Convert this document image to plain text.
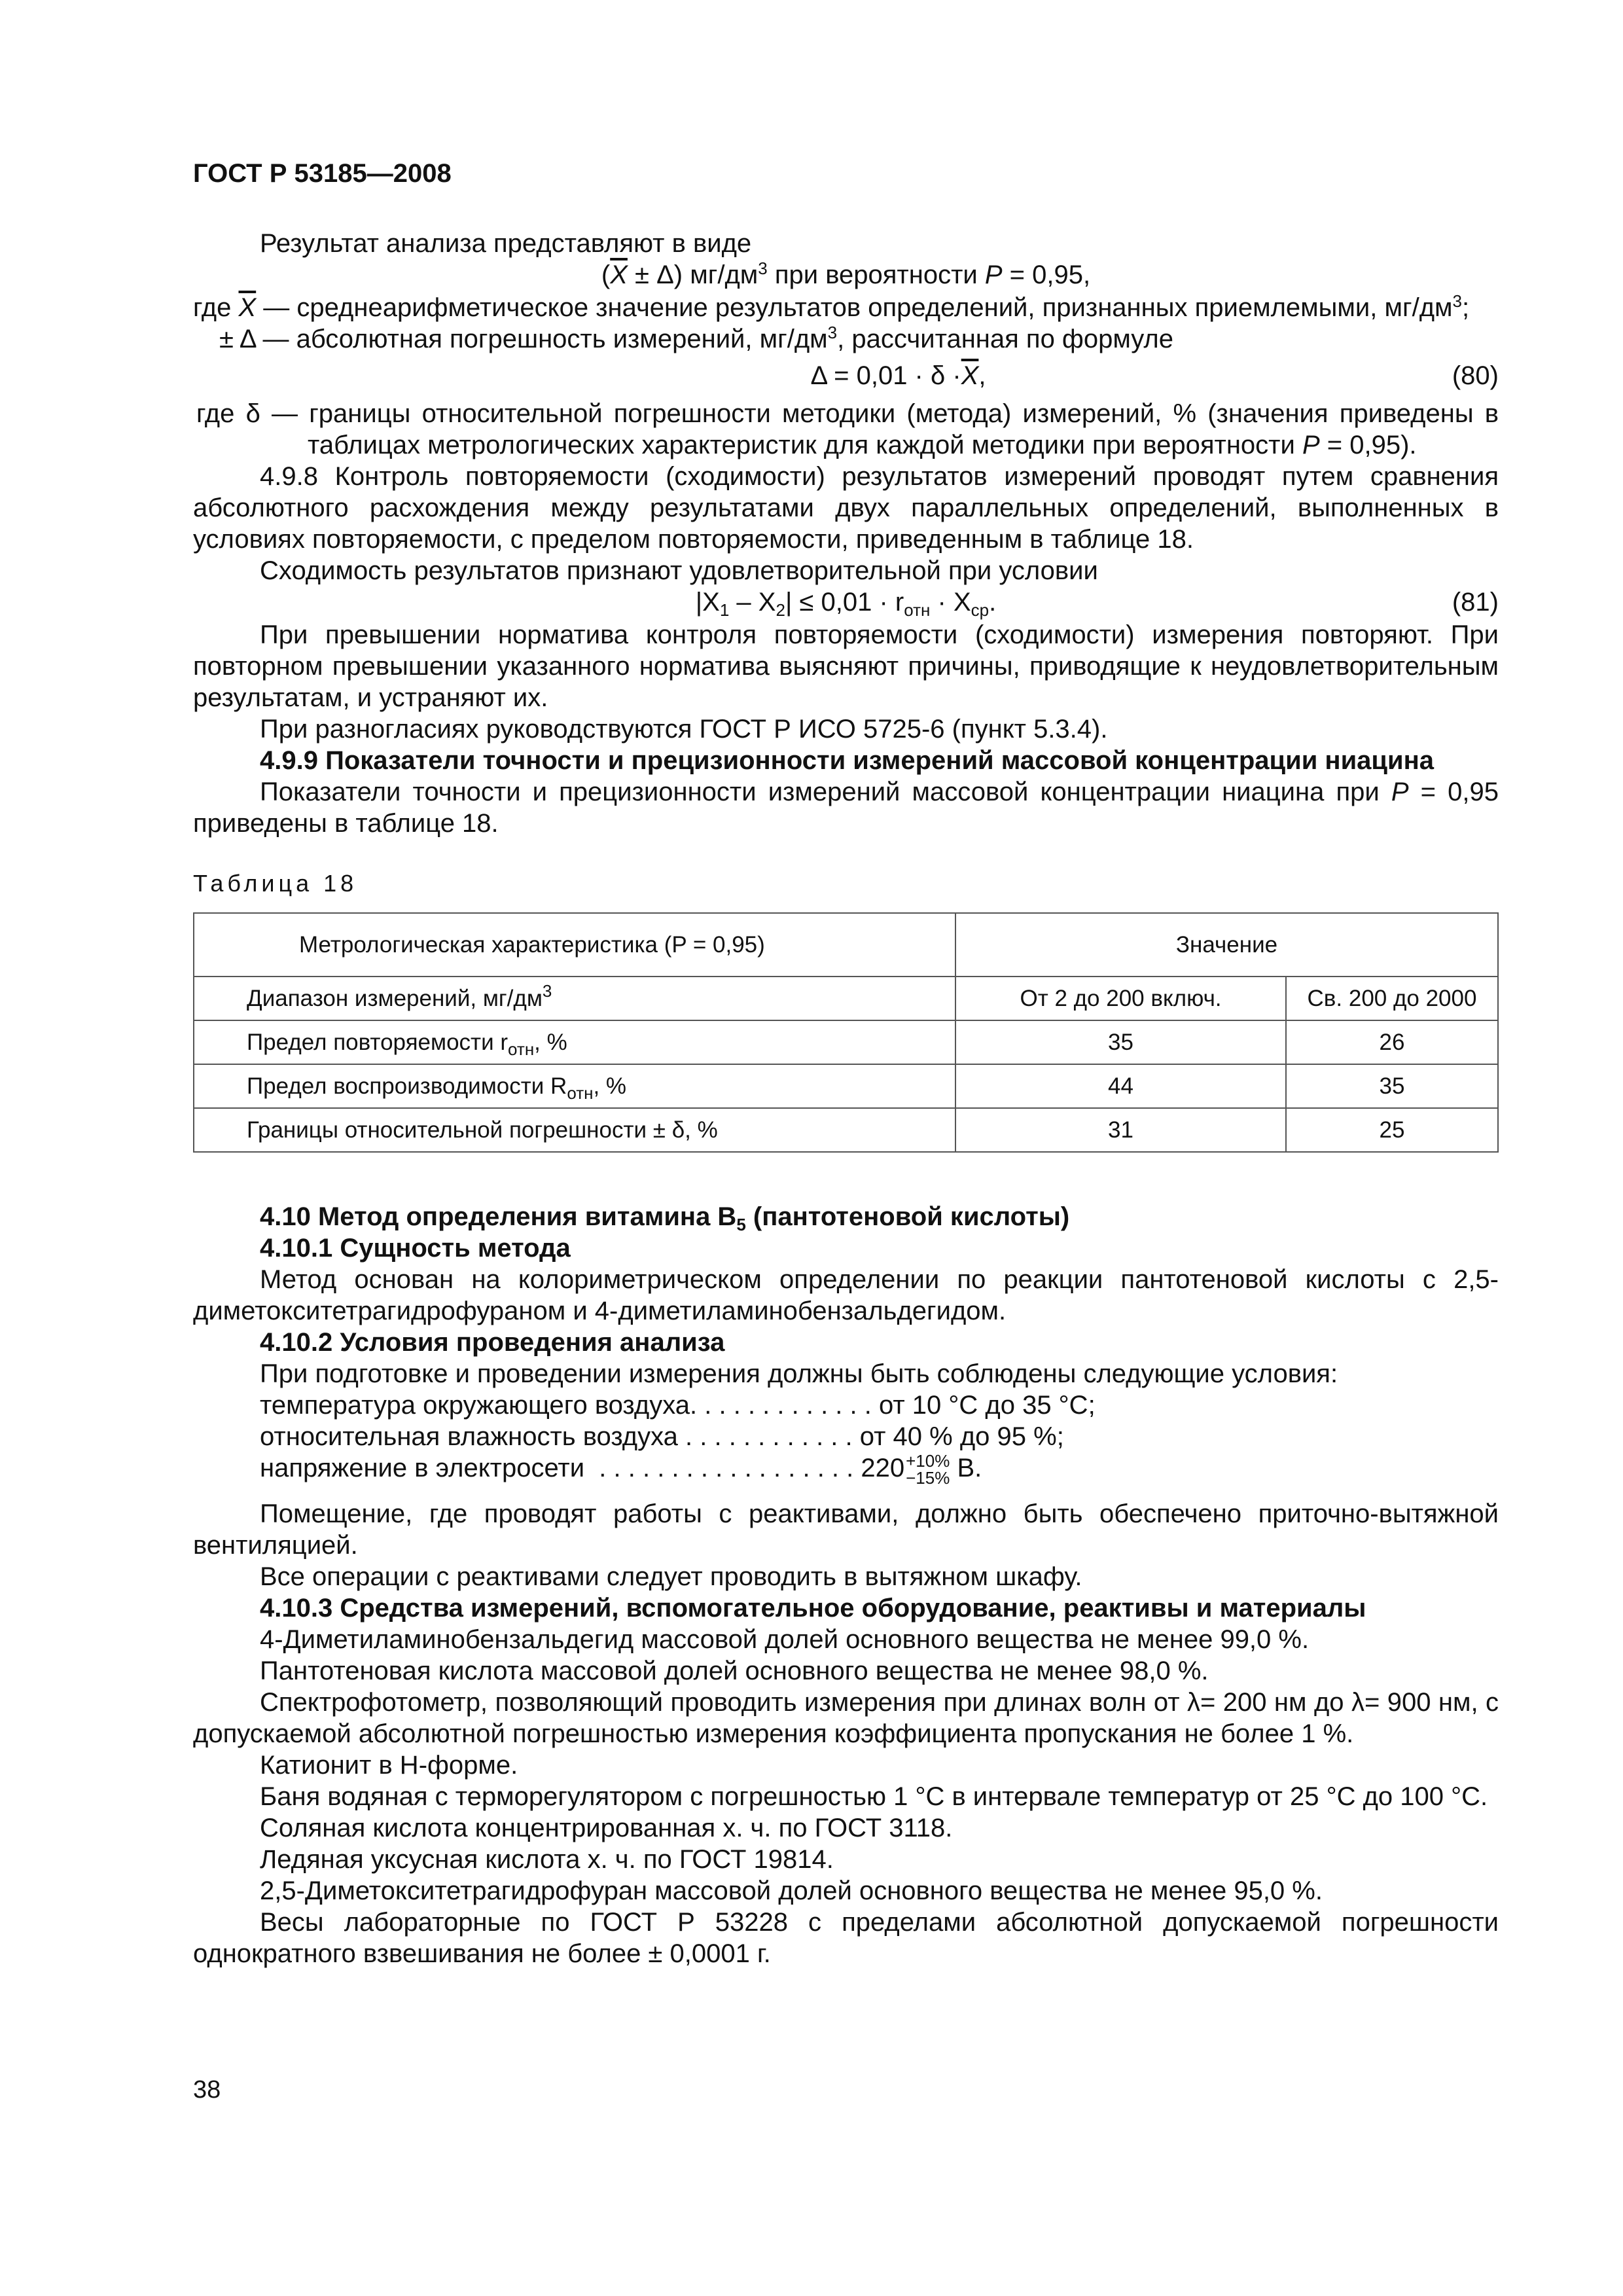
ГОСТ Р 53185—2008

Результат анализа представляют в виде

$(\overline{X} \pm \Delta)$ $мг/дм^3$ при вероятности P = 0,95,

где $\overline{X}$ — среднеарифметическое значение результатов определений, признанных приемлемыми, $мг/дм^3$;

± Δ — абсолютная погрешность измерений, $мг/дм^3$, рассчитанная по формуле

$\Delta = 0,01 \cdot \delta \cdot\overline{X}$,	(80)

где δ — границы относительной погрешности методики (метода) измерений, % (значения приведены в таблицах метрологических характеристик для каждой методики при вероятности P = 0,95).

4.9.8 Контроль повторяемости (сходимости) результатов измерений проводят путем сравнения абсолютного расхождения между результатами двух параллельных определений, выполненных в условиях повторяемости, с пределом повторяемости, приведенным в таблице 18.

Сходимость результатов признают удовлетворительной при условии

$|X_1 - X_2| \le 0,01 \cdot r_{отн} \cdot X_{ср}$.	(81)

При превышении норматива контроля повторяемости (сходимости) измерения повторяют. При повторном превышении указанного норматива выясняют причины, приводящие к неудовлетворительным результатам, и устраняют их.

При разногласиях руководствуются ГОСТ Р ИСО 5725-6 (пункт 5.3.4).

4.9.9 Показатели точности и прецизионности измерений массовой концентрации ниацина

Показатели точности и прецизионности измерений массовой концентрации ниацина при P = 0,95 приведены в таблице 18.

Таблица 18
Метрологическая характеристика (P = 0,95)	Значение	
Диапазон измерений, $мг/дм^3$	От 2 до 200 включ.	Св. 200 до 2000
Предел повторяемости $r_{отн}$, %	35	26
Предел воспроизводимости $R_{отн}$, %	44	35
Границы относительной погрешности ± δ, %	31	25

4.10 Метод определения витамина $В_5$ (пантотеновой кислоты)

4.10.1 Сущность метода

Метод основан на колориметрическом определении по реакции пантотеновой кислоты с 2,5-диметокситетрагидрофураном и 4-диметиламинобензальдегидом.

4.10.2 Условия проведения анализа

При подготовке и проведении измерения должны быть соблюдены следующие условия:

температура окружающего воздуха. . . . . . . . . . . . . от 10 °С до 35 °С;
относительная влажность воздуха . . . . . . . . . . . . от 40 % до 95 %;
напряжение в электросети  . . . . . . . . . . . . . . . . . . 220+10%
−15% В.

Помещение, где проводят работы с реактивами, должно быть обеспечено приточно-вытяжной вентиляцией.

Все операции с реактивами следует проводить в вытяжном шкафу.

4.10.3 Средства измерений, вспомогательное оборудование, реактивы и материалы

4-Диметиламинобензальдегид массовой долей основного вещества не менее 99,0 %.

Пантотеновая кислота массовой долей основного вещества не менее 98,0 %.

Спектрофотометр, позволяющий проводить измерения при длинах волн от λ= 200 нм до λ= 900 нм, с допускаемой абсолютной погрешностью измерения коэффициента пропускания не более 1 %.

Катионит в Н-форме.

Баня водяная с терморегулятором с погрешностью 1 °С в интервале температур от 25 °С до 100 °С.

Соляная кислота концентрированная х. ч. по ГОСТ 3118.

Ледяная уксусная кислота х. ч. по ГОСТ 19814.

2,5-Диметокситетрагидрофуран массовой долей основного вещества не менее 95,0 %.

Весы лабораторные по ГОСТ Р 53228 с пределами абсолютной допускаемой погрешности однократного взвешивания не более ± 0,0001 г.

38
